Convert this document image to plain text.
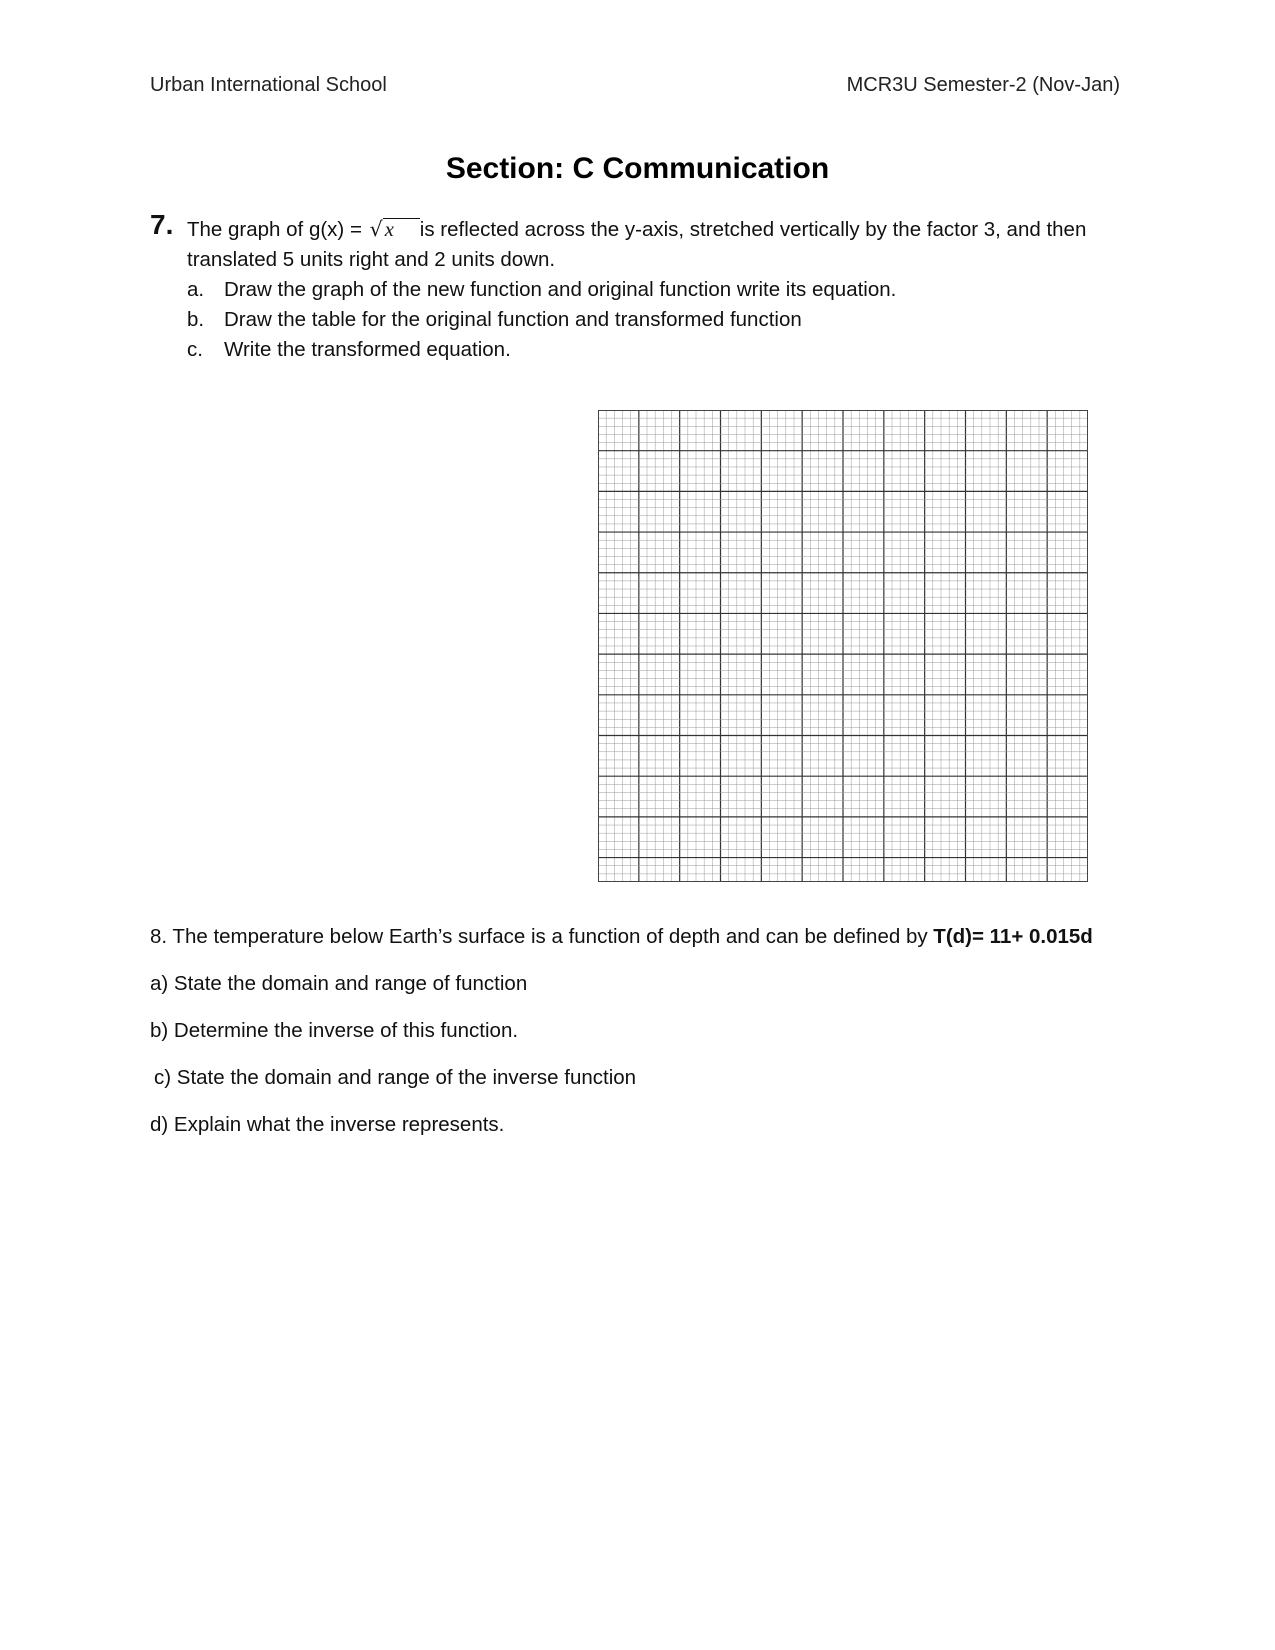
Urban International School	MCR3U Semester-2 (Nov-Jan)
Section: C Communication
7. The graph of g(x) = √x is reflected across the y-axis, stretched vertically by the factor 3, and then
translated 5 units right and 2 units down.
a. Draw the graph of the new function and original function write its equation.
b. Draw the table for the original function and transformed function
c.	Write the transformed equation.
8. The temperature below Earth’s surface is a function of depth and can be defined by T(d)= 11+ 0.015d
a) State the domain and range of function
b) Determine the inverse of this function.
c) State the domain and range of the inverse function
d) Explain what the inverse represents.
